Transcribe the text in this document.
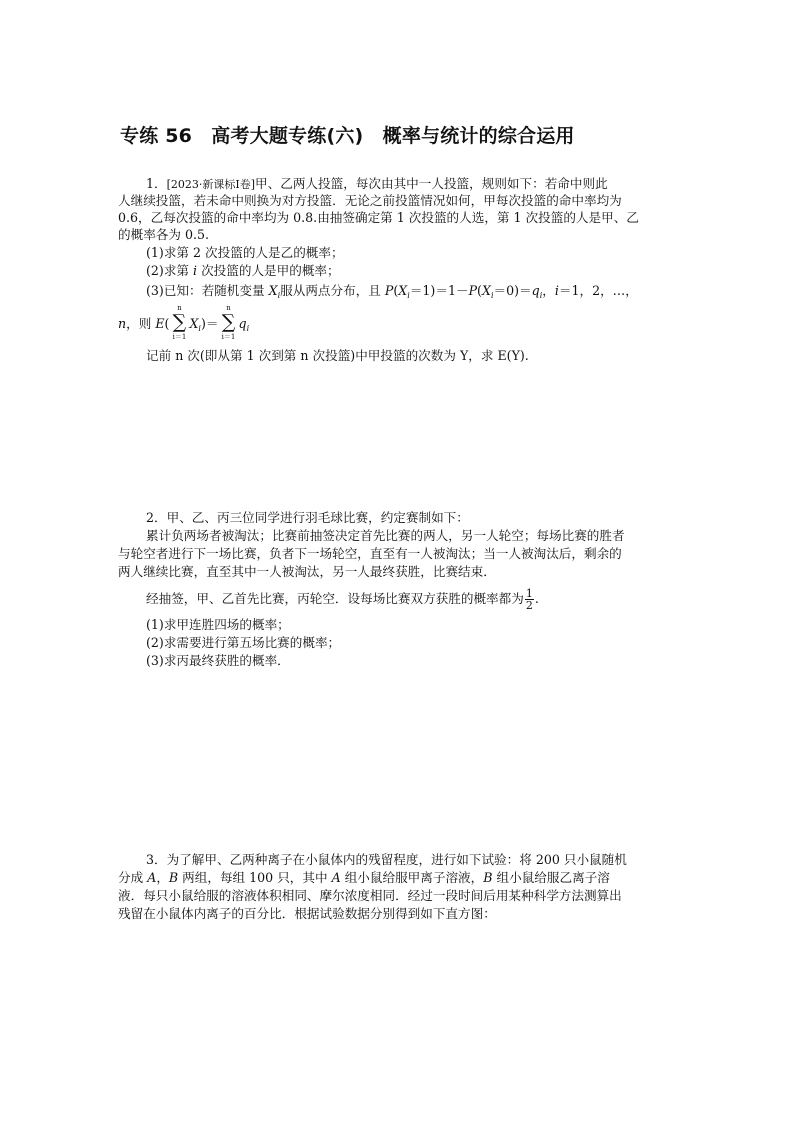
专练 56　高考大题专练(六)　概率与统计的综合运用
1．[2023·新课标Ⅰ卷]甲、乙两人投篮，每次由其中一人投篮，规则如下：若命中则此
人继续投篮，若未命中则换为对方投篮．无论之前投篮情况如何，甲每次投篮的命中率均为
0.6，乙每次投篮的命中率均为 0.8.由抽签确定第 1 次投篮的人选，第 1 次投篮的人是甲、乙
的概率各为 0.5.
(1)求第 2 次投篮的人是乙的概率；
(2)求第 i 次投篮的人是甲的概率；
(3)已知：若随机变量 $X_i$服从两点分布，且 $P(X_i=1)=1-P(X_i=0)=q_i$，i＝1，2，…，
n，则 E(
n
∑
i＝1
$X_i)=$
n
∑
i＝1
$q_i$
记前 n 次(即从第 1 次到第 n 次投篮)中甲投篮的次数为 Y，求 E(Y).
2．甲、乙、丙三位同学进行羽毛球比赛，约定赛制如下：
累计负两场者被淘汰；比赛前抽签决定首先比赛的两人，另一人轮空；每场比赛的胜者
与轮空者进行下一场比赛，负者下一场轮空，直至有一人被淘汰；当一人被淘汰后，剩余的
两人继续比赛，直至其中一人被淘汰，另一人最终获胜，比赛结束．
经抽签，甲、乙首先比赛，丙轮空．设每场比赛双方获胜的概率都为 $\frac{1}{2}$ .
(1)求甲连胜四场的概率；
(2)求需要进行第五场比赛的概率；
(3)求丙最终获胜的概率．
3．为了解甲、乙两种离子在小鼠体内的残留程度，进行如下试验：将 200 只小鼠随机
分成 A，B 两组，每组 100 只，其中 A 组小鼠给服甲离子溶液，B 组小鼠给服乙离子溶
液．每只小鼠给服的溶液体积相同、摩尔浓度相同．经过一段时间后用某种科学方法测算出
残留在小鼠体内离子的百分比．根据试验数据分别得到如下直方图：
